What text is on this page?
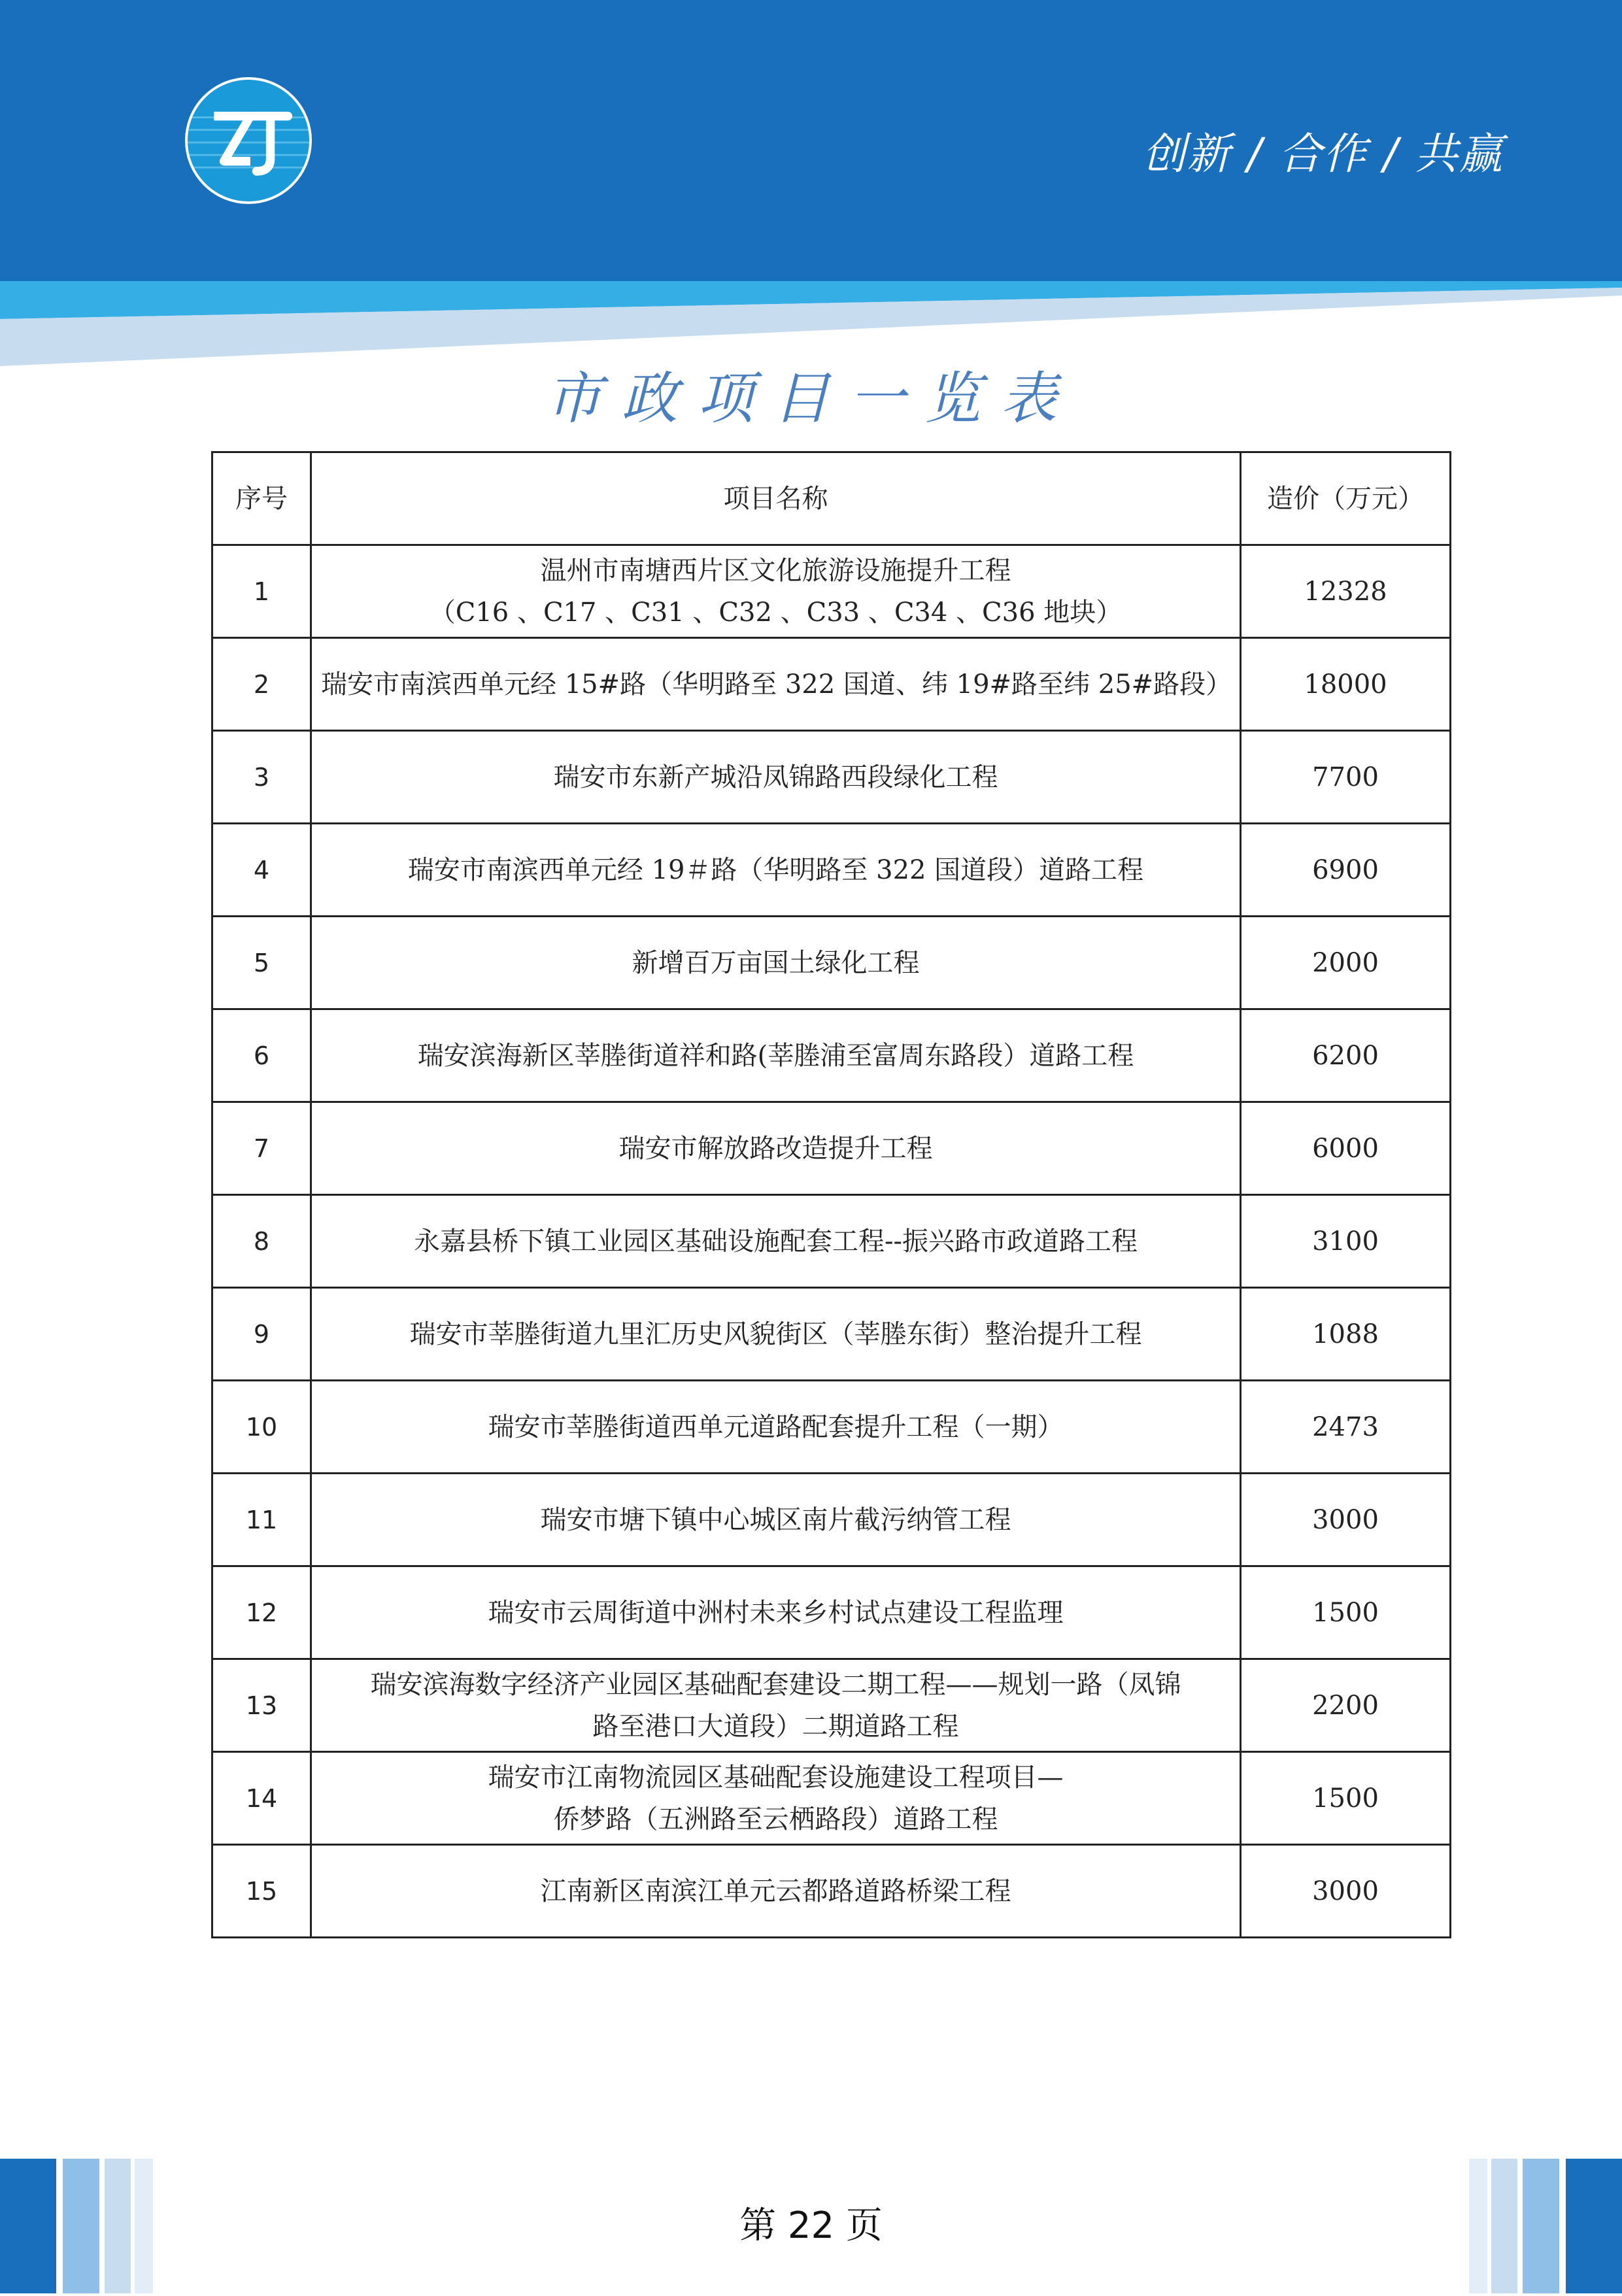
创新 / 合作 / 共赢
市政项目一览表
序号	项目名称	造价（万元）
1	温州市南塘西片区文化旅游设施提升工程
（C16 、C17 、C31 、C32 、C33 、C34 、C36 地块）	12328
2	瑞安市南滨西单元经 15#路（华明路至 322 国道、纬 19#路至纬 25#路段）	18000
3	瑞安市东新产城沿凤锦路西段绿化工程	7700
4	瑞安市南滨西单元经 19＃路（华明路至 322 国道段）道路工程	6900
5	新增百万亩国土绿化工程	2000
6	瑞安滨海新区莘塍街道祥和路(莘塍浦至富周东路段）道路工程	6200
7	瑞安市解放路改造提升工程	6000
8	永嘉县桥下镇工业园区基础设施配套工程--振兴路市政道路工程	3100
9	瑞安市莘塍街道九里汇历史风貌街区（莘塍东街）整治提升工程	1088
10	瑞安市莘塍街道西单元道路配套提升工程（一期）	2473
11	瑞安市塘下镇中心城区南片截污纳管工程	3000
12	瑞安市云周街道中洲村未来乡村试点建设工程监理	1500
13	瑞安滨海数字经济产业园区基础配套建设二期工程——规划一路（凤锦
路至港口大道段）二期道路工程	2200
14	瑞安市江南物流园区基础配套设施建设工程项目—
侨梦路（五洲路至云栖路段）道路工程	1500
15	江南新区南滨江单元云都路道路桥梁工程	3000
第 22 页
